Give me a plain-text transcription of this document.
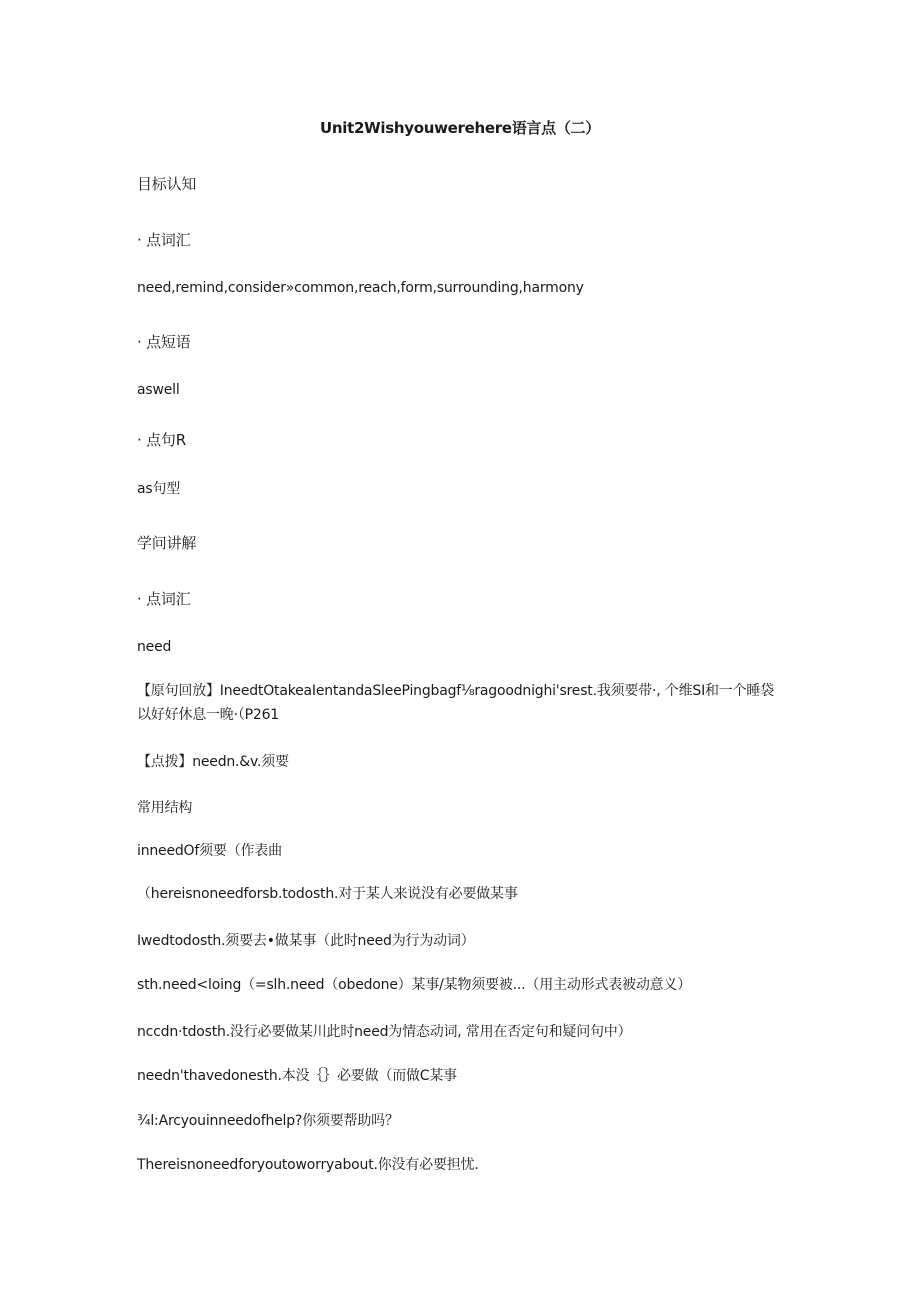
Unit2Wishyouwerehere语言点（二）
目标认知
· 点词汇
need,remind,consider»common,reach,form,surrounding,harmony
· 点短语
aswell
· 点句R
as句型
学问讲解
· 点词汇
need
【原句回放】IneedtOtakeaIentandaSleePingbagf⅛ragoodnighi'srest.我须要带·, 个维SI和一个睡袋以好好休息一晚·（P261
【点拨】needn.&v.须要
常用结构
inneedOf须要（作表曲
（hereisnoneedforsb.todosth.对于某人来说没有必要做某事
Iwedtodosth.须要去•做某事（此时need为行为动词）
sth.need<loing（=slh.need（obedone）某事/某物须要被...（用主动形式表被动意义）
nccdn·tdosth.没行必要做某川此时need为情态动词, 常用在否定句和疑问句中）
needn'thavedonesth.本没｛｝必要做（而做C某事
¾l:Arcyouinneedofhelp?你须要帮助吗？
Thereisnoneedforyoutoworryabout.你没有必要担忧.
